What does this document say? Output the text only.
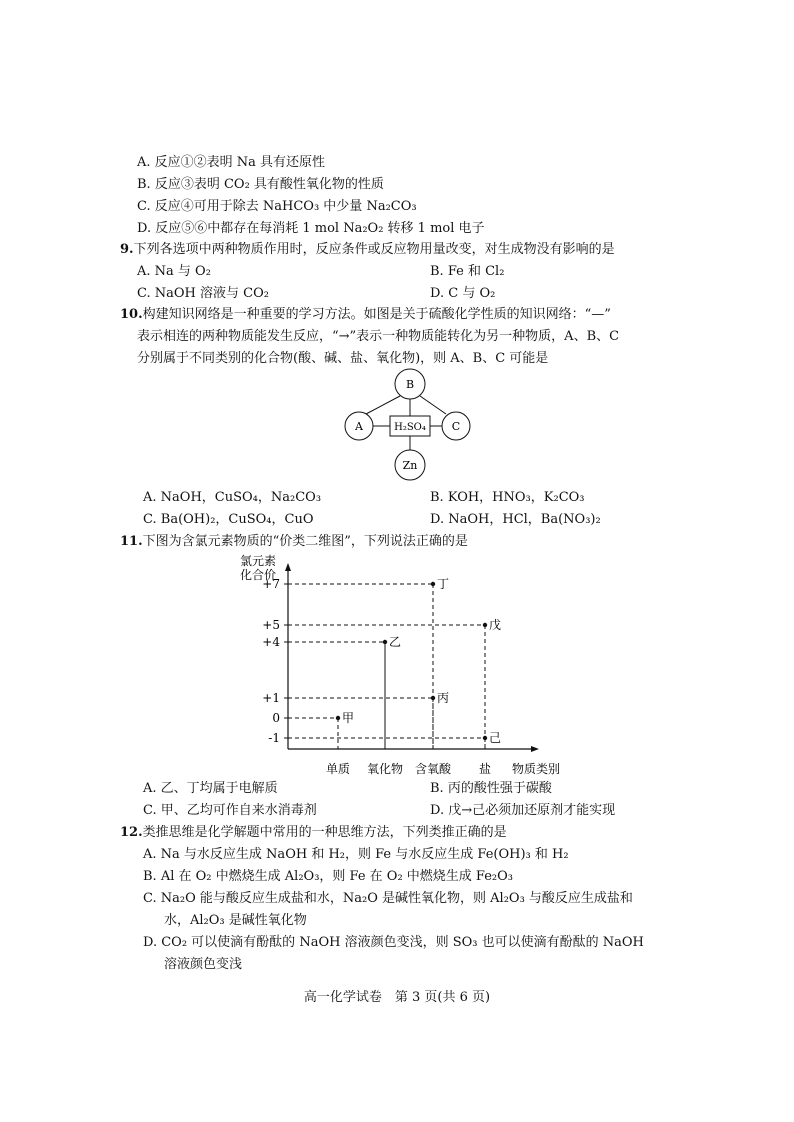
A. 反应①②表明 Na 具有还原性
B. 反应③表明 CO₂ 具有酸性氧化物的性质
C. 反应④可用于除去 NaHCO₃ 中少量 Na₂CO₃
D. 反应⑤⑥中都存在每消耗 1 mol Na₂O₂ 转移 1 mol 电子
9.下列各选项中两种物质作用时，反应条件或反应物用量改变，对生成物没有影响的是
A. Na 与 O₂	B. Fe 和 Cl₂
C. NaOH 溶液与 CO₂	D. C 与 O₂
10.构建知识网络是一种重要的学习方法。如图是关于硫酸化学性质的知识网络：“—”
表示相连的两种物质能发生反应，“→”表示一种物质能转化为另一种物质，A、B、C
分别属于不同类别的化合物(酸、碱、盐、氧化物)，则 A、B、C 可能是
B
A	C
H₂SO₄
Zn
A. NaOH，CuSO₄，Na₂CO₃	B. KOH，HNO₃，K₂CO₃
C. Ba(OH)₂，CuSO₄，CuO	D. NaOH，HCl，Ba(NO₃)₂
11.下图为含氯元素物质的“价类二维图”，下列说法正确的是
氯元素
化合价
物质类别
+7
+5
+4
+1
0
-1
单质 氧化物 含氧酸 盐
甲
乙
丙
丁
戊
己
A. 乙、丁均属于电解质	B. 丙的酸性强于碳酸
C. 甲、乙均可作自来水消毒剂	D. 戊→己必须加还原剂才能实现
12.类推思维是化学解题中常用的一种思维方法，下列类推正确的是
A. Na 与水反应生成 NaOH 和 H₂，则 Fe 与水反应生成 Fe(OH)₃ 和 H₂
B. Al 在 O₂ 中燃烧生成 Al₂O₃，则 Fe 在 O₂ 中燃烧生成 Fe₂O₃
C. Na₂O 能与酸反应生成盐和水，Na₂O 是碱性氧化物，则 Al₂O₃ 与酸反应生成盐和
水，Al₂O₃ 是碱性氧化物
D. CO₂ 可以使滴有酚酞的 NaOH 溶液颜色变浅，则 SO₃ 也可以使滴有酚酞的 NaOH
溶液颜色变浅
高一化学试卷　第 3 页(共 6 页)
